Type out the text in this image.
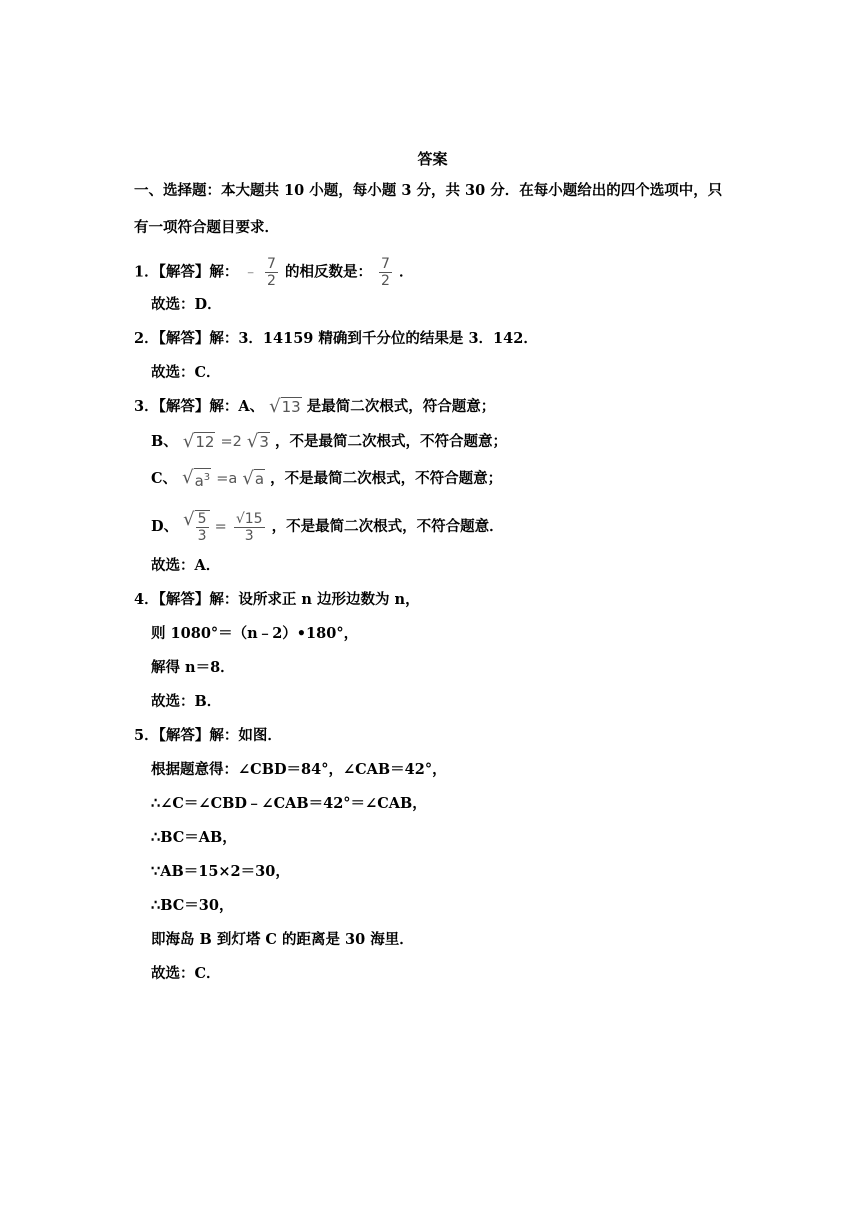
答案
一、选择题：本大题共 10 小题，每小题 3 分，共 30 分．在每小题给出的四个选项中，只
有一项符合题目要求．
1．【解答】解： ﹣ $\frac{7}{2}$ 的相反数是： $\frac{7}{2}$ ．
故选：D．
2．【解答】解：3．14159 精确到千分位的结果是 3．142．
故选：C．
3．【解答】解：A、 √ 13 是最简二次根式，符合题意；
B、 √ 12 =2 √ 3 ，不是最简二次根式，不符合题意；
C、 √ $a^3 =a$ √ a ，不是最简二次根式，不符合题意；
D、 √ $\frac{5}{3} = \frac{√15}{3}$ ，不是最简二次根式，不符合题意．
故选：A．
4．【解答】解：设所求正 n 边形边数为 n，
则 1080°＝（n﹣2）•180°，
解得 n＝8．
故选：B．
5．【解答】解：如图．
根据题意得：∠CBD＝84°，∠CAB＝42°，
∴∠C＝∠CBD﹣∠CAB＝42°＝∠CAB，
∴BC＝AB，
∵AB＝15×2＝30，
∴BC＝30，
即海岛 B 到灯塔 C 的距离是 30 海里．
故选：C．
